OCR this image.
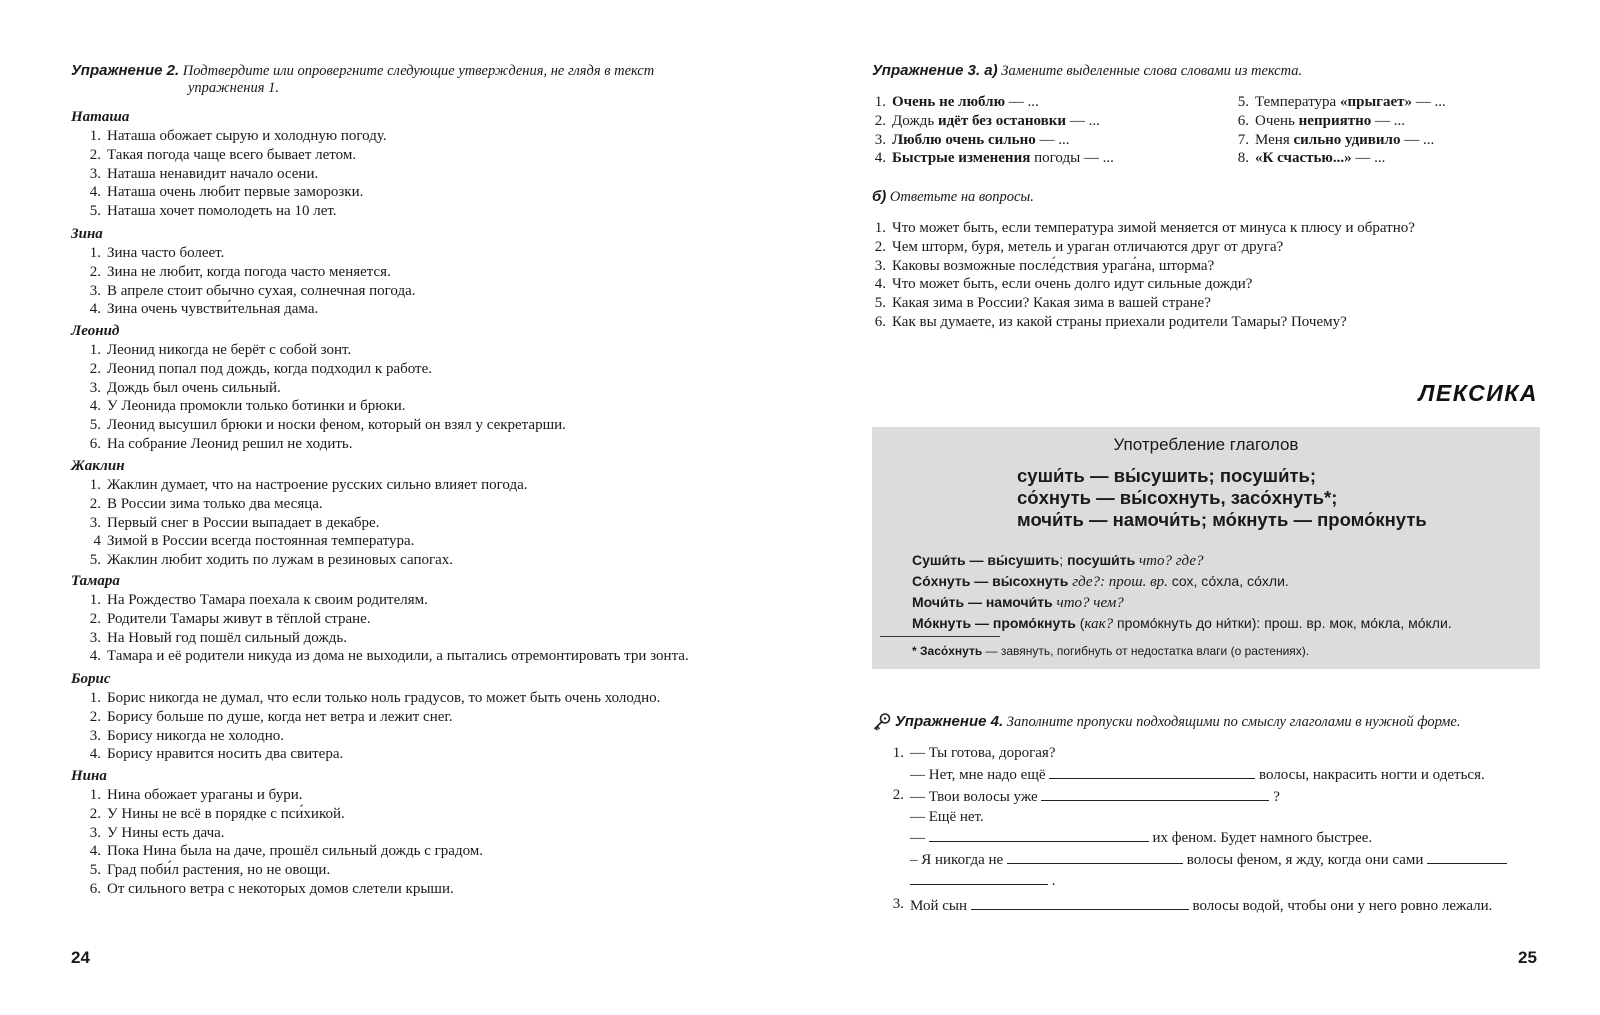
Упражнение 2. Подтвердите или опровергните следующие утверждения, не глядя в текст
упражнения 1.
Наташа
1. Наташа обожает сырую и холодную погоду.
2. Такая погода чаще всего бывает летом.
3. Наташа ненавидит начало осени.
4. Наташа очень любит первые заморозки.
5. Наташа хочет помолодеть на 10 лет.
Зина
1. Зина часто болеет.
2. Зина не любит, когда погода часто меняется.
3. В апреле стоит обычно сухая, солнечная погода.
4. Зина очень чувстви́тельная дама.
Леонид
1. Леонид никогда не берёт с собой зонт.
2. Леонид попал под дождь, когда подходил к работе.
3. Дождь был очень сильный.
4. У Леонида промокли только ботинки и брюки.
5. Леонид высушил брюки и носки феном, который он взял у секретарши.
6. На собрание Леонид решил не ходить.
Жаклин
1. Жаклин думает, что на настроение русских сильно влияет погода.
2. В России зима только два месяца.
3. Первый снег в России выпадает в декабре.
4 Зимой в России всегда постоянная температура.
5. Жаклин любит ходить по лужам в резиновых сапогах.
Тамара
1. На Рождество Тамара поехала к своим родителям.
2. Родители Тамары живут в тёплой стране.
3. На Новый год пошёл сильный дождь.
4. Тамара и её родители никуда из дома не выходили, а пытались отремонтировать три зонта.
Борис
1. Борис никогда не думал, что если только ноль градусов, то может быть очень холодно.
2. Борису больше по душе, когда нет ветра и лежит снег.
3. Борису никогда не холодно.
4. Борису нравится носить два свитера.
Нина
1. Нина обожает ураганы и бури.
2. У Нины не всё в порядке с пси́хикой.
3. У Нины есть дача.
4. Пока Нина была на даче, прошёл сильный дождь с градом.
5. Град поби́л растения, но не овощи.
6. От сильного ветра с некоторых домов слетели крыши.
24
Упражнение 3. а) Замените выделенные слова словами из текста.
1. Очень не люблю — ...
2. Дождь идёт без остановки — ...
3. Люблю очень сильно — ...
4. Быстрые изменения погоды — ...
5. Температура «прыгает» — ...
6. Очень неприятно — ...
7. Меня сильно удивило — ...
8. «К счастью...» — ...
б) Ответьте на вопросы.
1. Что может быть, если температура зимой меняется от минуса к плюсу и обратно?
2. Чем шторм, буря, метель и ураган отличаются друг от друга?
3. Каковы возможные после́дствия урага́на, шторма?
4. Что может быть, если очень долго идут сильные дожди?
5. Какая зима в России? Какая зима в вашей стране?
6. Как вы думаете, из какой страны приехали родители Тамары? Почему?
ЛЕКСИКА
Употребление глаголов
суши́ть — вы́сушить; посуши́ть;
со́хнуть — вы́сохнуть, засо́хнуть*;
мочи́ть — намочи́ть; мо́кнуть — промо́кнуть
Суши́ть — вы́сушить; посуши́ть что? где?
Со́хнуть — вы́сохнуть где?: прош. вр. сох, со́хла, со́хли.
Мочи́ть — намочи́ть что? чем?
Мо́кнуть — промо́кнуть (как? промо́кнуть до ни́тки): прош. вр. мок, мо́кла, мо́кли.
* Засо́хнуть — завянуть, погибнуть от недостатка влаги (о растениях).
Упражнение 4. Заполните пропуски подходящими по смыслу глаголами в нужной форме.
1. — Ты готова, дорогая?
— Нет, мне надо ещё	волосы, накрасить ногти и одеться.
2. — Твои волосы уже	?
— Ещё нет.
—	их феном. Будет намного быстрее.
– Я никогда не	волосы феном, я жду, когда они сами
.
3. Мой сын	волосы водой, чтобы они у него ровно лежали.
25
